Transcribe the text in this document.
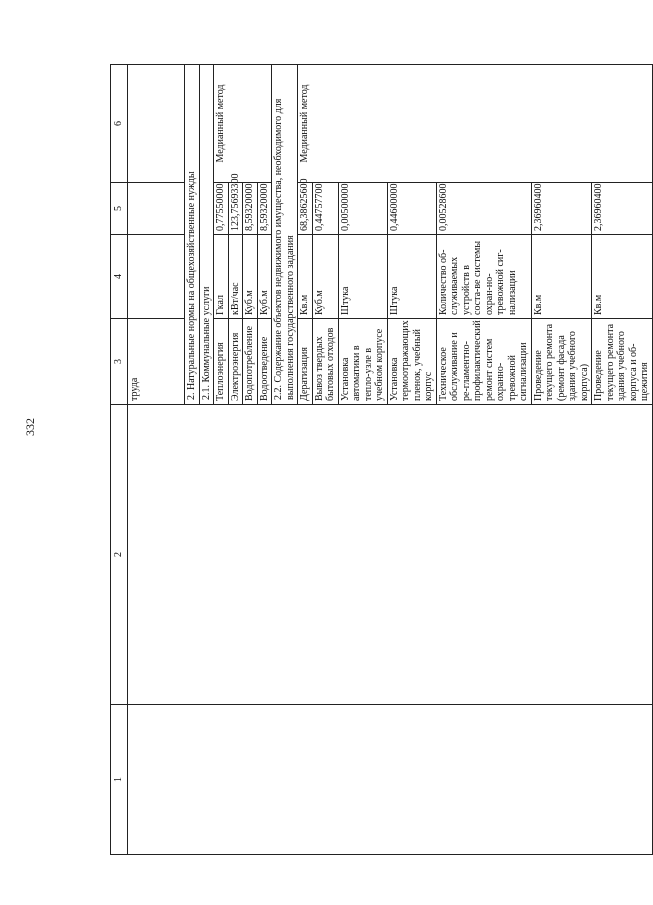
332
1	2	3	4	5	6
		труда			
		2. Натуральные нормы на общехозяйственные нужды			
		2.1. Коммунальные услуги			
		Теплоэнергия	Гкал	0,77550000	Медианный метод
		Электроэнергия	кВт/час	123,75693300	
		Водопотребление	Куб.м	8,59320000	
		Водоотведение	Куб.м	8,59320000	
		2.2. Содержание объектов недвижимого имущества, необходимого для выполнения государственного задания			
		Дератизация	Кв.м	68,38625600	Медианный метод
		Вывоз твердых бытовых отходов	Куб.м	0,44757700	
		Установка автоматики в тепло-узле в учебном корпусе	Штука	0,00500000	
		Установка термоотражающих пленок, учебный корпус	Штука	0,44600000	
		Техническое обслуживание и ре-гламентно-профилактический ремонт систем охранно-тревожной сигнализации	Количество об-служиваемых устройств в соста-ве системы охран-но-тревожной сиг-нализации	0,00528600	
		Проведение текущего ремонта (ремонт фасада здания учебного корпуса)	Кв.м	2,36960400	
		Проведение текущего ремонта здания учебного корпуса и об-щежития	Кв.м	2,36960400	
